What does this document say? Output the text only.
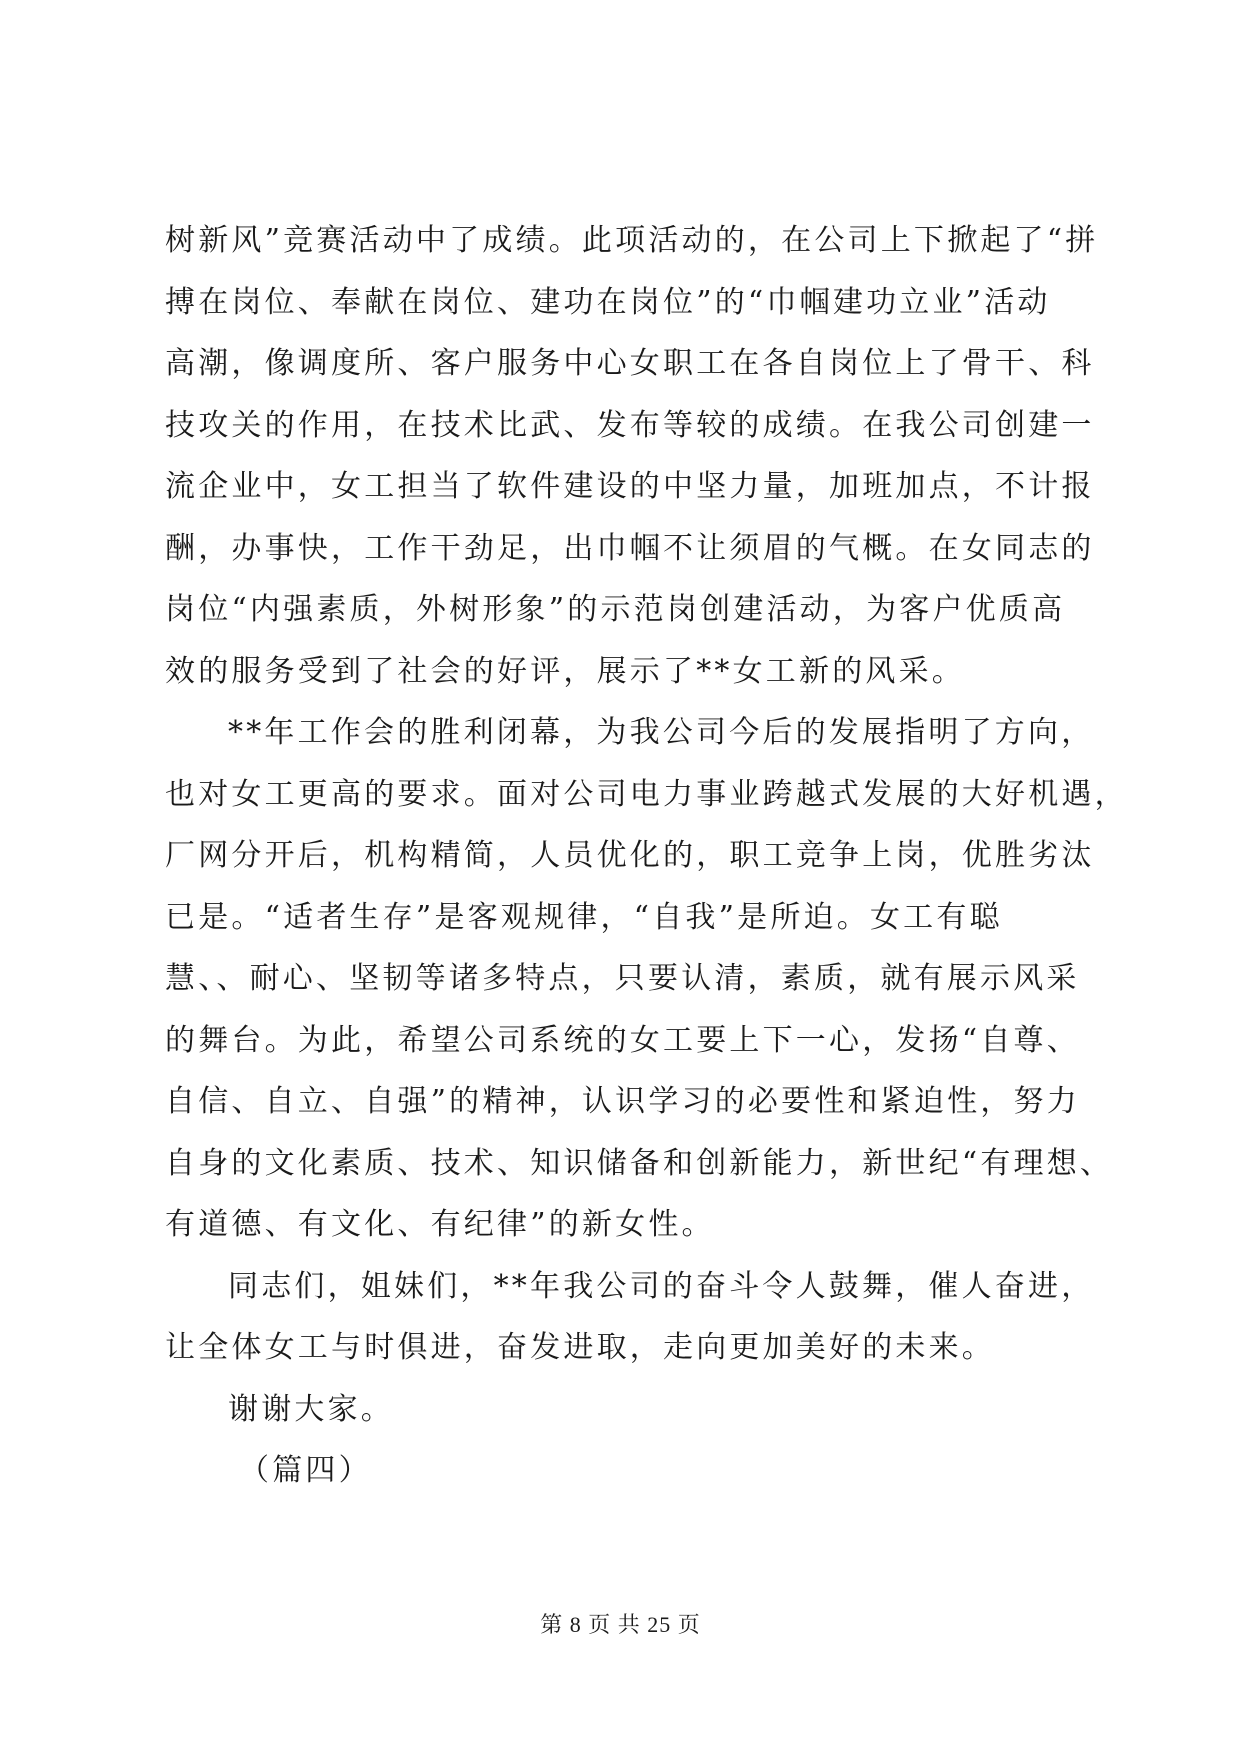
树新风”竞赛活动中了成绩。此项活动的，在公司上下掀起了“拼
搏在岗位、奉献在岗位、建功在岗位”的“巾帼建功立业”活动
高潮，像调度所、客户服务中心女职工在各自岗位上了骨干、科
技攻关的作用，在技术比武、发布等较的成绩。在我公司创建一
流企业中，女工担当了软件建设的中坚力量，加班加点，不计报
酬，办事快，工作干劲足，出巾帼不让须眉的气概。在女同志的
岗位“内强素质，外树形象”的示范岗创建活动，为客户优质高
效的服务受到了社会的好评，展示了**女工新的风采。
**年工作会的胜利闭幕，为我公司今后的发展指明了方向，
也对女工更高的要求。面对公司电力事业跨越式发展的大好机遇，
厂网分开后，机构精简，人员优化的，职工竞争上岗，优胜劣汰
已是。“适者生存”是客观规律，“自我”是所迫。女工有聪
慧、、耐心、坚韧等诸多特点，只要认清，素质，就有展示风采
的舞台。为此，希望公司系统的女工要上下一心，发扬“自尊、
自信、自立、自强”的精神，认识学习的必要性和紧迫性，努力
自身的文化素质、技术、知识储备和创新能力，新世纪“有理想、
有道德、有文化、有纪律”的新女性。
同志们，姐妹们，**年我公司的奋斗令人鼓舞，催人奋进，
让全体女工与时俱进，奋发进取，走向更加美好的未来。
谢谢大家。
（篇四）
第 8 页 共 25 页
